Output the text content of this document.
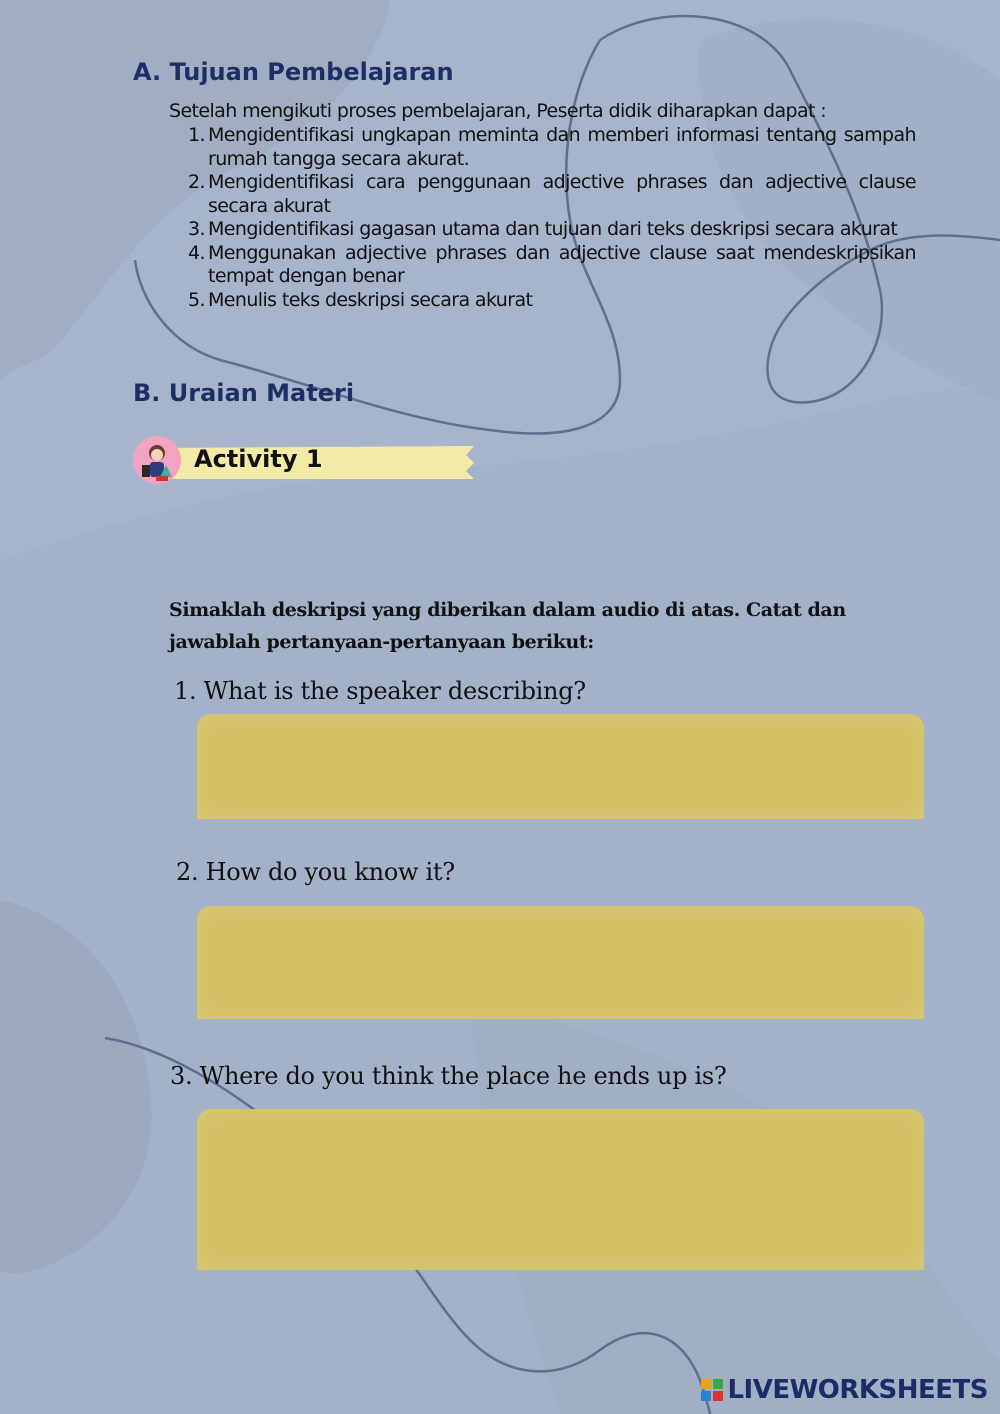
A. Tujuan Pembelajaran

Setelah mengikuti proses pembelajaran, Peserta didik diharapkan dapat :

1. Mengidentifikasi ungkapan meminta dan memberi informasi tentang sampah rumah tangga secara akurat.
2. Mengidentifikasi cara penggunaan adjective phrases dan adjective clause secara akurat
3. Mengidentifikasi gagasan utama dan tujuan dari teks deskripsi secara akurat
4. Menggunakan adjective phrases dan adjective clause saat mendeskripsikan tempat dengan benar
5. Menulis teks deskripsi secara akurat
B. Uraian Materi
Activity 1

Simaklah deskripsi yang diberikan dalam audio di atas. Catat dan jawablah pertanyaan-pertanyaan berikut:

1. What is the speaker describing?

2. How do you know it?

3. Where do you think the place he ends up is?

LIVEWORKSHEETS
